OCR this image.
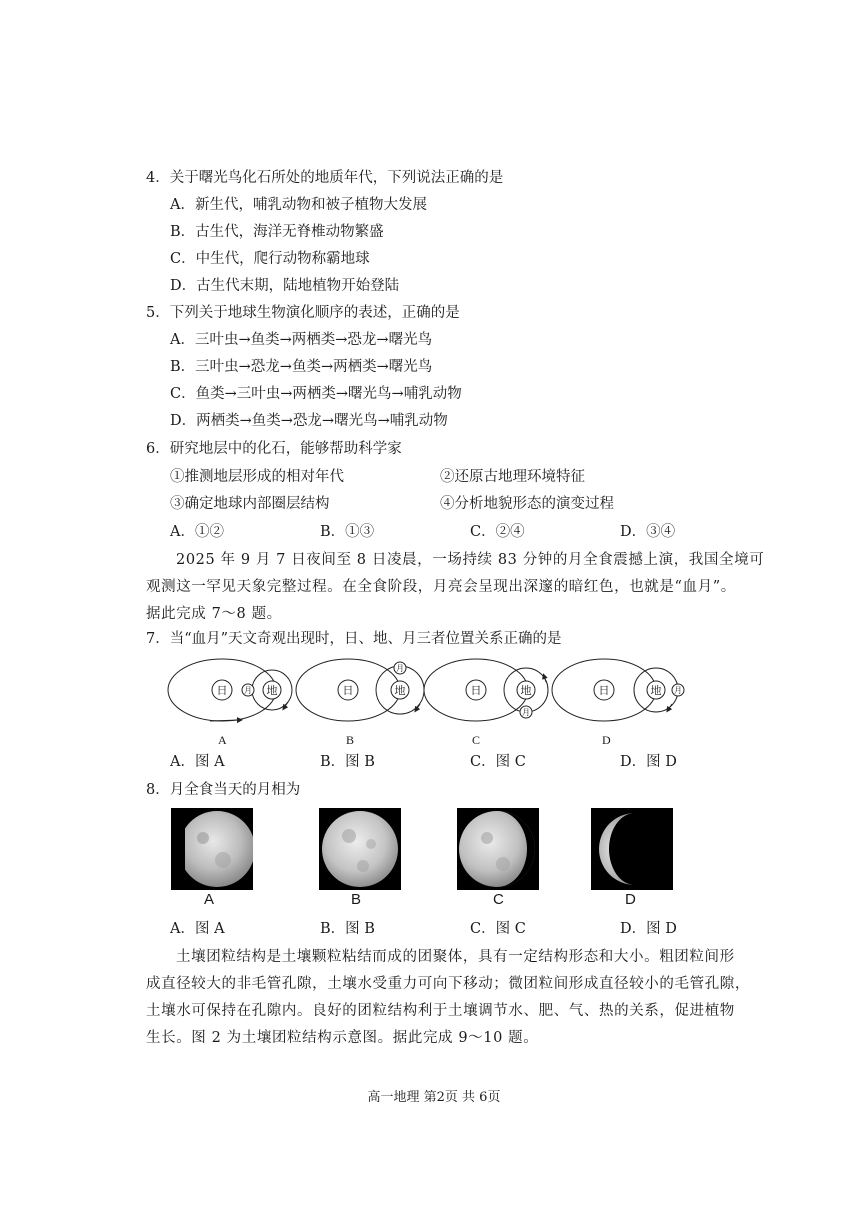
4．关于曙光鸟化石所处的地质年代，下列说法正确的是
A．新生代，哺乳动物和被子植物大发展
B．古生代，海洋无脊椎动物繁盛
C．中生代，爬行动物称霸地球
D．古生代末期，陆地植物开始登陆
5．下列关于地球生物演化顺序的表述，正确的是
A．三叶虫→鱼类→两栖类→恐龙→曙光鸟
B．三叶虫→恐龙→鱼类→两栖类→曙光鸟
C．鱼类→三叶虫→两栖类→曙光鸟→哺乳动物
D．两栖类→鱼类→恐龙→曙光鸟→哺乳动物
6．研究地层中的化石，能够帮助科学家
①推测地层形成的相对年代	②还原古地理环境特征
③确定地球内部圈层结构	④分析地貌形态的演变过程
A．①②	B．①③	C．②④	D．③④
2025 年 9 月 7 日夜间至 8 日凌晨，一场持续 83 分钟的月全食震撼上演，我国全境可
观测这一罕见天象完整过程。在全食阶段，月亮会呈现出深邃的暗红色，也就是“血月”。
据此完成 7～8 题。
7．当“血月”天文奇观出现时，日、地、月三者位置关系正确的是
日	地
月	日	地
月
日	地
月
日	地 月
A	B	C	D
A．图 A	B．图 B	C．图 C	D．图 D
8．月全食当天的月相为
A	B	C	D
A．图 A	B．图 B	C．图 C	D．图 D
土壤团粒结构是土壤颗粒粘结而成的团聚体，具有一定结构形态和大小。粗团粒间形
成直径较大的非毛管孔隙，土壤水受重力可向下移动；微团粒间形成直径较小的毛管孔隙，
土壤水可保持在孔隙内。良好的团粒结构利于土壤调节水、肥、气、热的关系，促进植物
生长。图 2 为土壤团粒结构示意图。据此完成 9～10 题。
高一地理 第2页 共 6页
